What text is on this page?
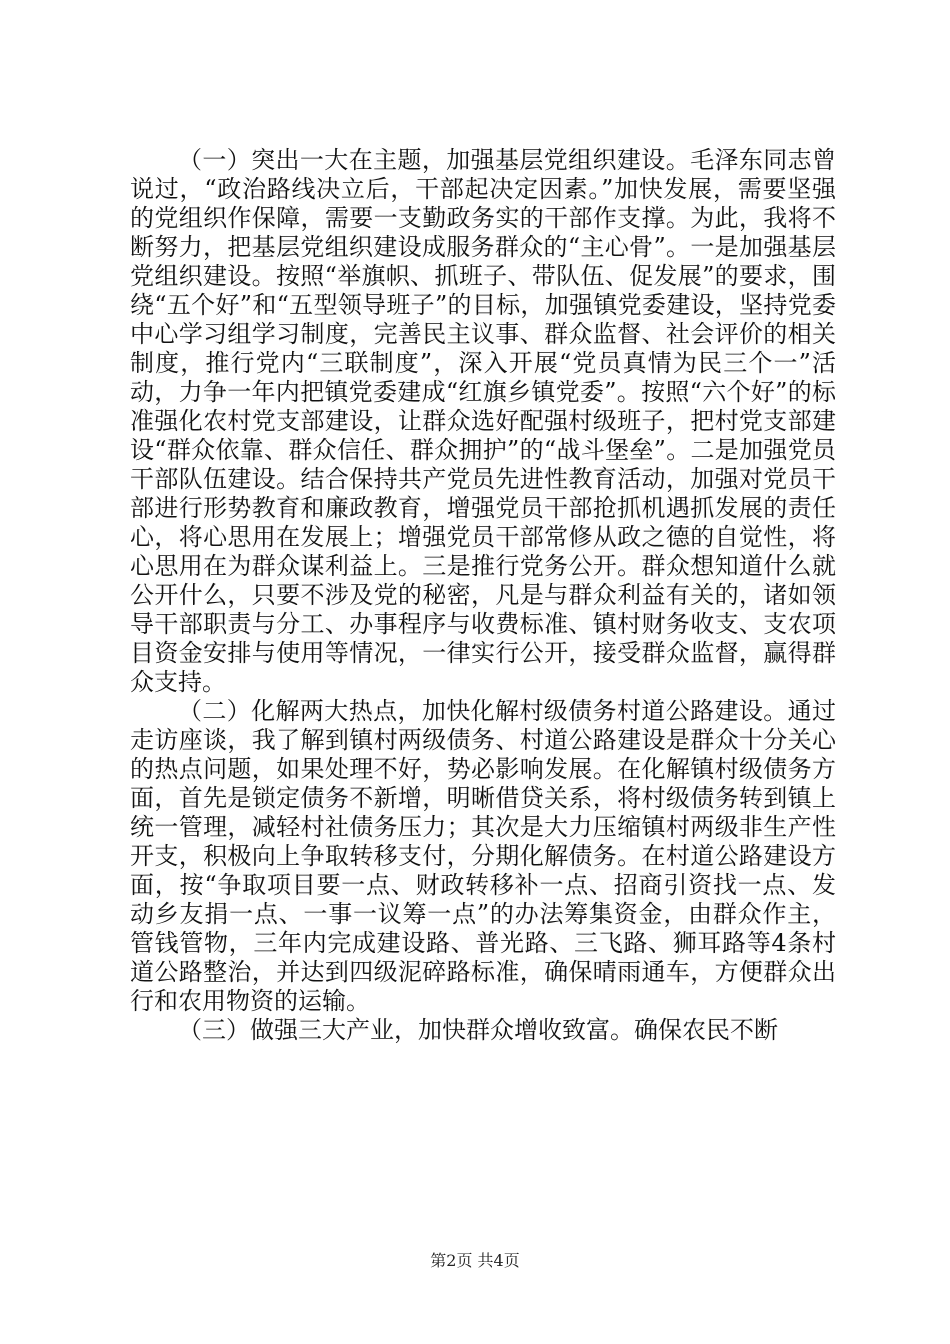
（一）突出一大在主题，加强基层党组织建设。毛泽东同志曾说过，“政治路线决立后，干部起决定因素。”加快发展，需要坚强的党组织作保障，需要一支勤政务实的干部作支撑。为此，我将不断努力，把基层党组织建设成服务群众的“主心骨”。一是加强基层党组织建设。按照“举旗帜、抓班子、带队伍、促发展”的要求，围绕“五个好”和“五型领导班子”的目标，加强镇党委建设，坚持党委中心学习组学习制度，完善民主议事、群众监督、社会评价的相关制度，推行党内“三联制度”，深入开展“党员真情为民三个一”活动，力争一年内把镇党委建成“红旗乡镇党委”。按照“六个好”的标准强化农村党支部建设，让群众选好配强村级班子，把村党支部建设“群众依靠、群众信任、群众拥护”的“战斗堡垒”。二是加强党员干部队伍建设。结合保持共产党员先进性教育活动，加强对党员干部进行形势教育和廉政教育，增强党员干部抢抓机遇抓发展的责任心，将心思用在发展上；增强党员干部常修从政之德的自觉性，将心思用在为群众谋利益上。三是推行党务公开。群众想知道什么就公开什么，只要不涉及党的秘密，凡是与群众利益有关的，诸如领导干部职责与分工、办事程序与收费标准、镇村财务收支、支农项目资金安排与使用等情况，一律实行公开，接受群众监督，赢得群众支持。

（二）化解两大热点，加快化解村级债务村道公路建设。通过走访座谈，我了解到镇村两级债务、村道公路建设是群众十分关心的热点问题，如果处理不好，势必影响发展。在化解镇村级债务方面，首先是锁定债务不新增，明晰借贷关系，将村级债务转到镇上统一管理，减轻村社债务压力；其次是大力压缩镇村两级非生产性开支，积极向上争取转移支付，分期化解债务。在村道公路建设方面，按“争取项目要一点、财政转移补一点、招商引资找一点、发动乡友捐一点、一事一议筹一点”的办法筹集资金，由群众作主，管钱管物，三年内完成建设路、普光路、三飞路、狮耳路等4条村道公路整治，并达到四级泥碎路标准，确保晴雨通车，方便群众出行和农用物资的运输。

（三）做强三大产业，加快群众增收致富。确保农民不断

第2页 共4页
